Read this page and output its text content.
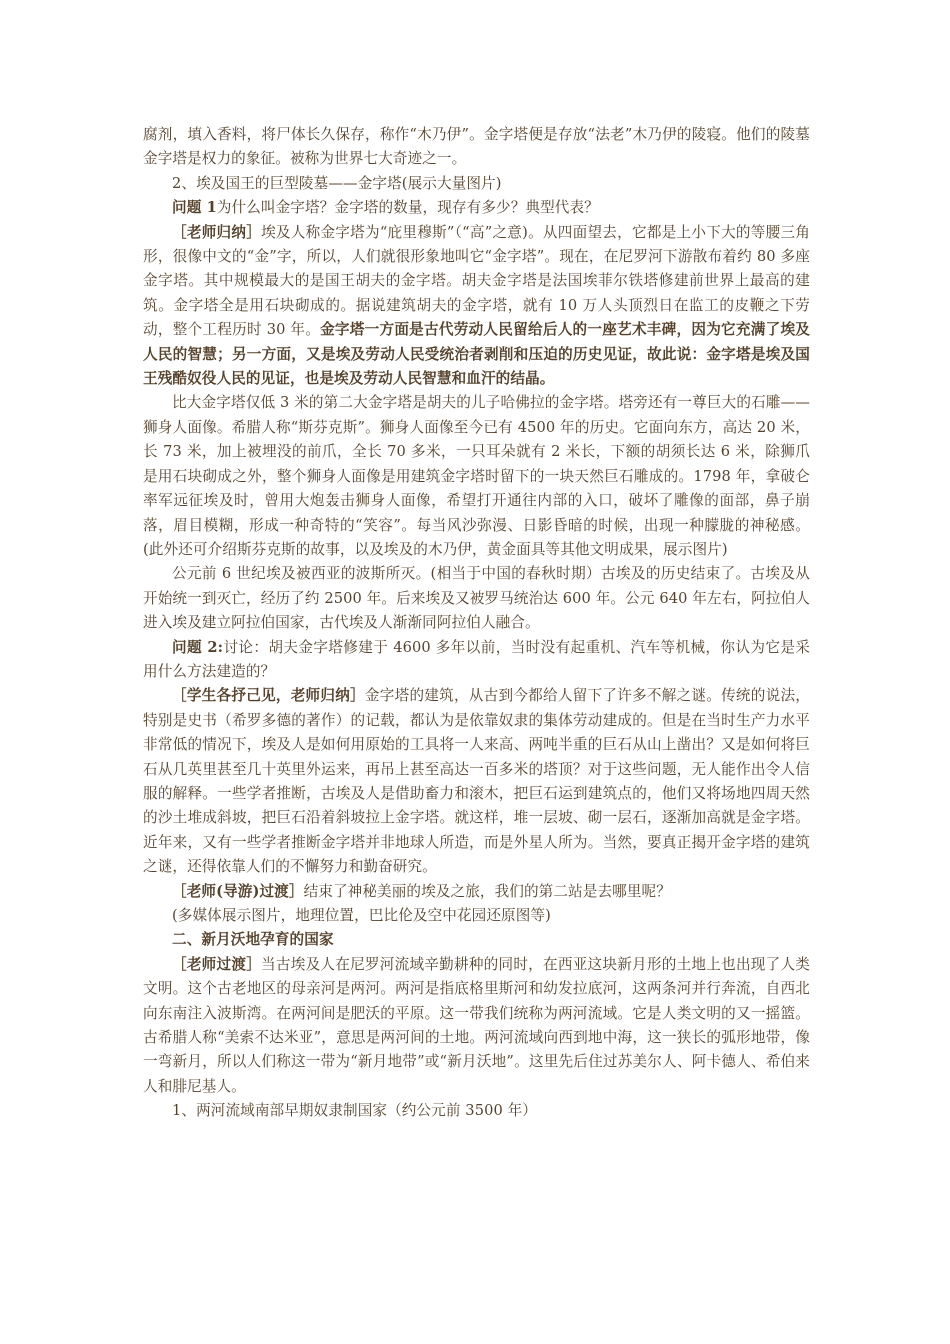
腐剂，填入香料，将尸体长久保存，称作“木乃伊”。金字塔便是存放“法老”木乃伊的陵寝。他们的陵墓金字塔是权力的象征。被称为世界七大奇迹之一。

2、埃及国王的巨型陵墓——金字塔(展示大量图片)

问题 1为什么叫金字塔？金字塔的数量，现存有多少？典型代表？

［老师归纳］埃及人称金字塔为“庇里穆斯”（“高”之意)。从四面望去，它都是上小下大的等腰三角形，很像中文的“金”字，所以，人们就很形象地叫它“金字塔”。现在，在尼罗河下游散布着约 80 多座金字塔。其中规模最大的是国王胡夫的金字塔。胡夫金字塔是法国埃菲尔铁塔修建前世界上最高的建筑。金字塔全是用石块砌成的。据说建筑胡夫的金字塔，就有 10 万人头顶烈日在监工的皮鞭之下劳动，整个工程历时 30 年。金字塔一方面是古代劳动人民留给后人的一座艺术丰碑，因为它充满了埃及人民的智慧；另一方面，又是埃及劳动人民受统治者剥削和压迫的历史见证，故此说：金字塔是埃及国王残酷奴役人民的见证，也是埃及劳动人民智慧和血汗的结晶。

比大金字塔仅低 3 米的第二大金字塔是胡夫的儿子哈佛拉的金字塔。塔旁还有一尊巨大的石雕——狮身人面像。希腊人称“斯芬克斯”。狮身人面像至今已有 4500 年的历史。它面向东方，高达 20 米，长 73 米，加上被埋没的前爪，全长 70 多米，一只耳朵就有 2 米长，下额的胡须长达 6 米，除狮爪是用石块砌成之外，整个狮身人面像是用建筑金字塔时留下的一块天然巨石雕成的。1798 年，拿破仑率军远征埃及时，曾用大炮轰击狮身人面像，希望打开通往内部的入口，破坏了雕像的面部，鼻子崩落，眉目模糊，形成一种奇特的“笑容”。每当风沙弥漫、日影昏暗的时候，出现一种朦胧的神秘感。(此外还可介绍斯芬克斯的故事，以及埃及的木乃伊，黄金面具等其他文明成果，展示图片)

公元前 6 世纪埃及被西亚的波斯所灭。(相当于中国的春秋时期）古埃及的历史结束了。古埃及从开始统一到灭亡，经历了约 2500 年。后来埃及又被罗马统治达 600 年。公元 640 年左右，阿拉伯人进入埃及建立阿拉伯国家，古代埃及人渐渐同阿拉伯人融合。

问题 2:讨论：胡夫金字塔修建于 4600 多年以前，当时没有起重机、汽车等机械，你认为它是采用什么方法建造的？

［学生各抒己见，老师归纳］金字塔的建筑，从古到今都给人留下了许多不解之谜。传统的说法，特别是史书（希罗多德的著作）的记载，都认为是依靠奴隶的集体劳动建成的。但是在当时生产力水平非常低的情况下，埃及人是如何用原始的工具将一人来高、两吨半重的巨石从山上凿出？又是如何将巨石从几英里甚至几十英里外运来，再吊上甚至高达一百多米的塔顶？对于这些问题，无人能作出令人信服的解释。一些学者推断，古埃及人是借助畜力和滚木，把巨石运到建筑点的，他们又将场地四周天然的沙土堆成斜坡，把巨石沿着斜坡拉上金字塔。就这样，堆一层坡、砌一层石，逐渐加高就是金字塔。近年来，又有一些学者推断金字塔并非地球人所造，而是外星人所为。当然，要真正揭开金字塔的建筑之谜，还得依靠人们的不懈努力和勤奋研究。

［老师(导游)过渡］结束了神秘美丽的埃及之旅，我们的第二站是去哪里呢？

(多媒体展示图片，地理位置，巴比伦及空中花园还原图等)

二、新月沃地孕育的国家

［老师过渡］当古埃及人在尼罗河流域辛勤耕种的同时，在西亚这块新月形的土地上也出现了人类文明。这个古老地区的母亲河是两河。两河是指底格里斯河和幼发拉底河，这两条河并行奔流，自西北向东南注入波斯湾。在两河间是肥沃的平原。这一带我们统称为两河流域。它是人类文明的又一摇篮。古希腊人称“美索不达米亚”，意思是两河间的土地。两河流域向西到地中海，这一狭长的弧形地带，像一弯新月，所以人们称这一带为“新月地带”或“新月沃地”。这里先后住过苏美尔人、阿卡德人、希伯来人和腓尼基人。

1、两河流域南部早期奴隶制国家（约公元前 3500 年）
